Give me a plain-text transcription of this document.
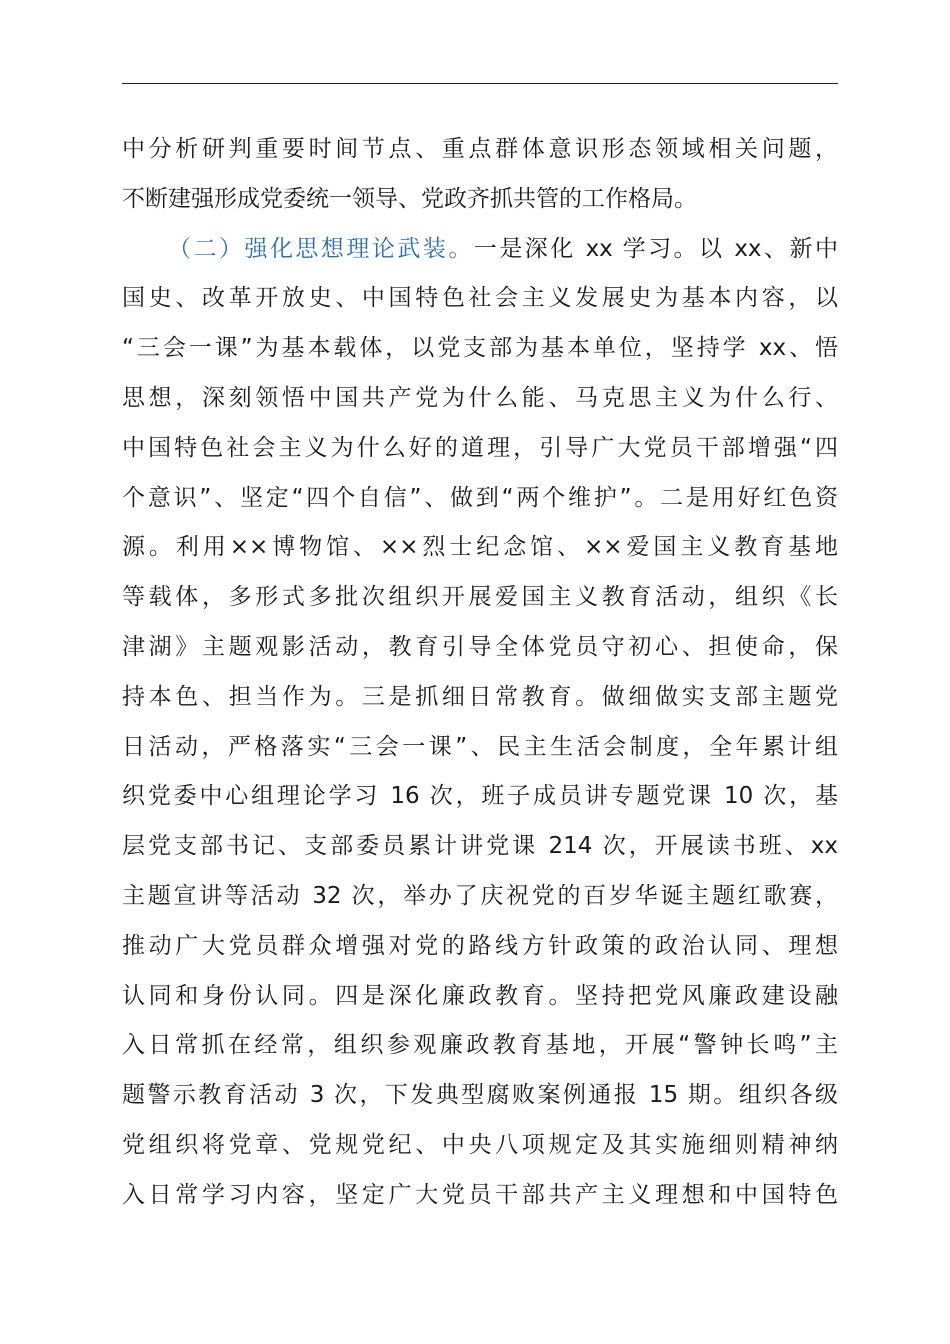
中分析研判重要时间节点、重点群体意识形态领域相关问题，
不断建强形成党委统一领导、党政齐抓共管的工作格局。
（二）强化思想理论武装。一是深化 xx 学习。以 xx、新中
国史、改革开放史、中国特色社会主义发展史为基本内容，以
“三会一课”为基本载体，以党支部为基本单位，坚持学 xx、悟
思想，深刻领悟中国共产党为什么能、马克思主义为什么行、
中国特色社会主义为什么好的道理，引导广大党员干部增强“四
个意识”、坚定“四个自信”、做到“两个维护”。二是用好红色资
源。利用××博物馆、××烈士纪念馆、××爱国主义教育基地
等载体，多形式多批次组织开展爱国主义教育活动，组织《长
津湖》主题观影活动，教育引导全体党员守初心、担使命，保
持本色、担当作为。三是抓细日常教育。做细做实支部主题党
日活动，严格落实“三会一课”、民主生活会制度，全年累计组
织党委中心组理论学习 16 次，班子成员讲专题党课 10 次，基
层党支部书记、支部委员累计讲党课 214 次，开展读书班、xx
主题宣讲等活动 32 次，举办了庆祝党的百岁华诞主题红歌赛，
推动广大党员群众增强对党的路线方针政策的政治认同、理想
认同和身份认同。四是深化廉政教育。坚持把党风廉政建设融
入日常抓在经常，组织参观廉政教育基地，开展“警钟长鸣”主
题警示教育活动 3 次，下发典型腐败案例通报 15 期。组织各级
党组织将党章、党规党纪、中央八项规定及其实施细则精神纳
入日常学习内容，坚定广大党员干部共产主义理想和中国特色
